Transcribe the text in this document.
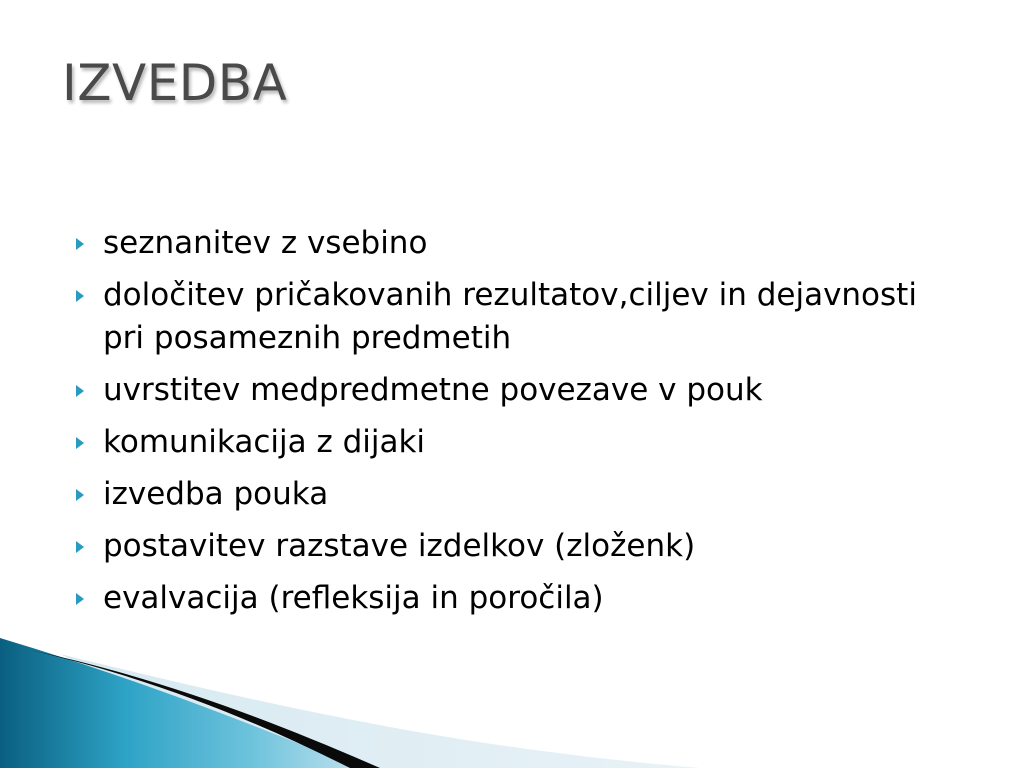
IZVEDBA
seznanitev z vsebino
določitev pričakovanih rezultatov,ciljev in dejavnosti pri posameznih predmetih
uvrstitev medpredmetne povezave v pouk
komunikacija z dijaki
izvedba pouka
postavitev razstave izdelkov (zloženk)
evalvacija (refleksija in poročila)
